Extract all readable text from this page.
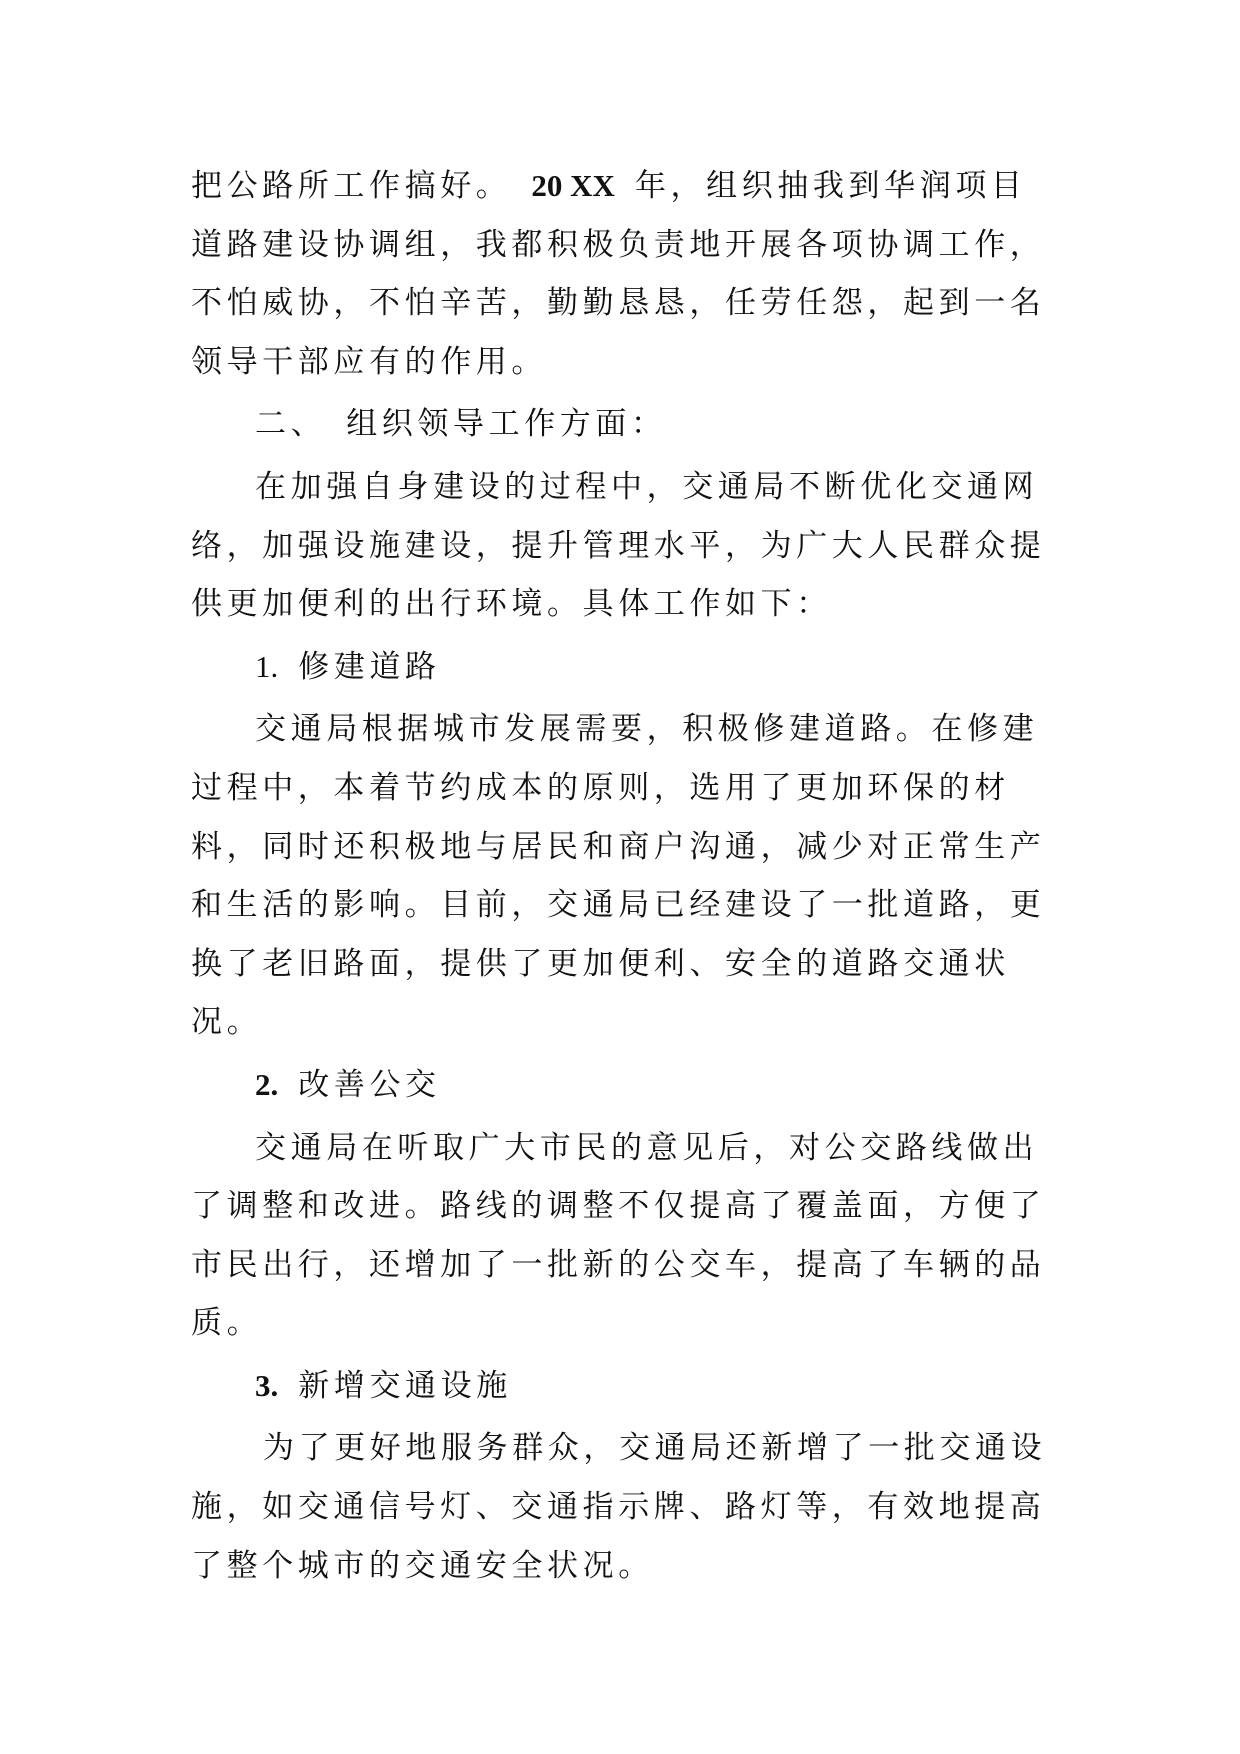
把公路所工作搞好。 20 XX 年，组织抽我到华润项目道路建设协调组，我都积极负责地开展各项协调工作，不怕威协，不怕辛苦，勤勤恳恳，任劳任怨，起到一名领导干部应有的作用。

二、 组织领导工作方面：

在加强自身建设的过程中，交通局不断优化交通网络，加强设施建设，提升管理水平，为广大人民群众提供更加便利的出行环境。具体工作如下：

1. 修建道路

交通局根据城市发展需要，积极修建道路。在修建过程中，本着节约成本的原则，选用了更加环保的材料，同时还积极地与居民和商户沟通，减少对正常生产和生活的影响。目前，交通局已经建设了一批道路，更换了老旧路面，提供了更加便利、安全的道路交通状况。

2. 改善公交

交通局在听取广大市民的意见后，对公交路线做出了调整和改进。路线的调整不仅提高了覆盖面，方便了市民出行，还增加了一批新的公交车，提高了车辆的品质。

3. 新增交通设施

为了更好地服务群众，交通局还新增了一批交通设施，如交通信号灯、交通指示牌、路灯等，有效地提高了整个城市的交通安全状况。
